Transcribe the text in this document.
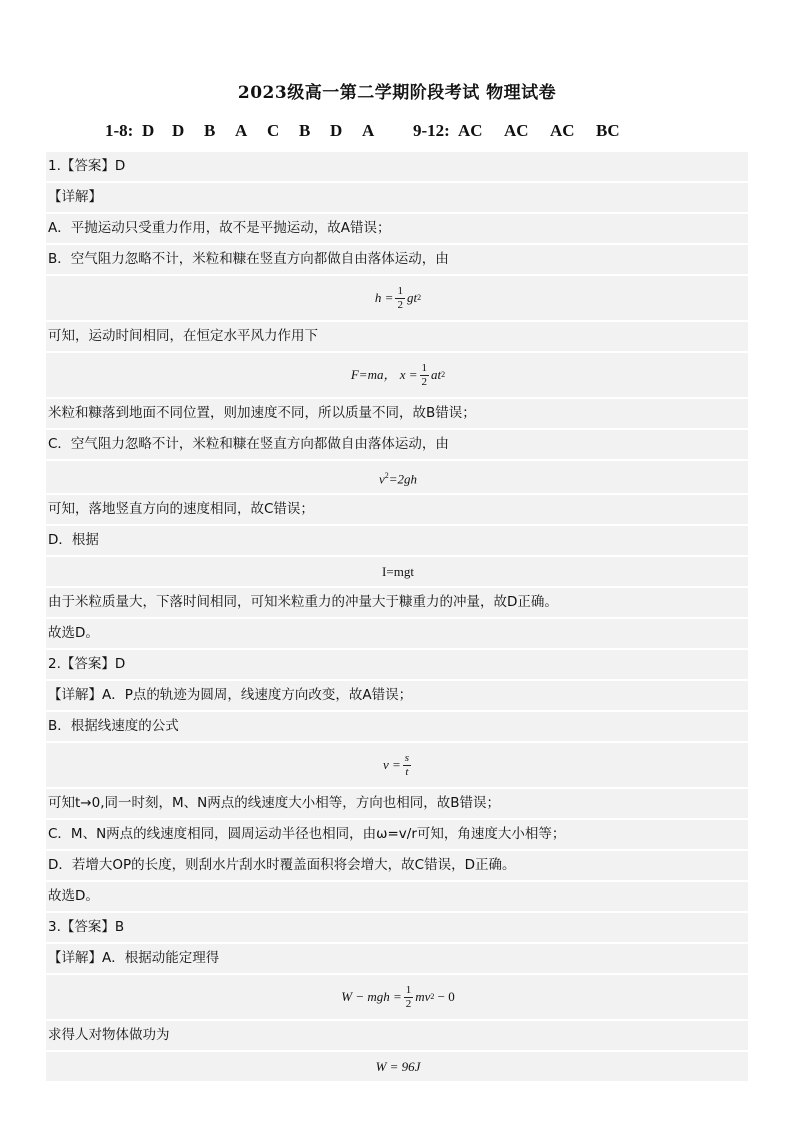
2023级高一第二学期阶段考试 物理试卷
1-8: D D B A C B D A 9-12: AC AC AC BC
1.【答案】D
【详解】
A．平抛运动只受重力作用，故不是平抛运动，故A错误；
B．空气阻力忽略不计，米粒和糠在竖直方向都做自由落体运动，由
$h = \frac{1}{2}$ gt 2
可知，运动时间相同，在恒定水平风力作用下
F=ma，
$x = \frac{1}{2}$ at 2
米粒和糠落到地面不同位置，则加速度不同，所以质量不同，故B错误；
C．空气阻力忽略不计，米粒和糠在竖直方向都做自由落体运动，由
$v^2=2gh$
可知，落地竖直方向的速度相同，故C错误；
D．根据
I=mgt
由于米粒质量大，下落时间相同，可知米粒重力的冲量大于糠重力的冲量，故D正确。
故选D。
2.【答案】D
【详解】A．P点的轨迹为圆周，线速度方向改变，故A错误；
B．根据线速度的公式
$v = \frac{s}{t}$
可知t→0,同一时刻，M、N两点的线速度大小相等，方向也相同，故B错误；
C．M、N两点的线速度相同，圆周运动半径也相同，由ω=v/r可知，角速度大小相等；
D．若增大OP的长度，则刮水片刮水时覆盖面积将会增大，故C错误，D正确。
故选D。
3.【答案】B
【详解】A．根据动能定理得
W − mgh = $\frac{1}{2}$ mv 2
− 0
求得人对物体做功为
W = 96J
